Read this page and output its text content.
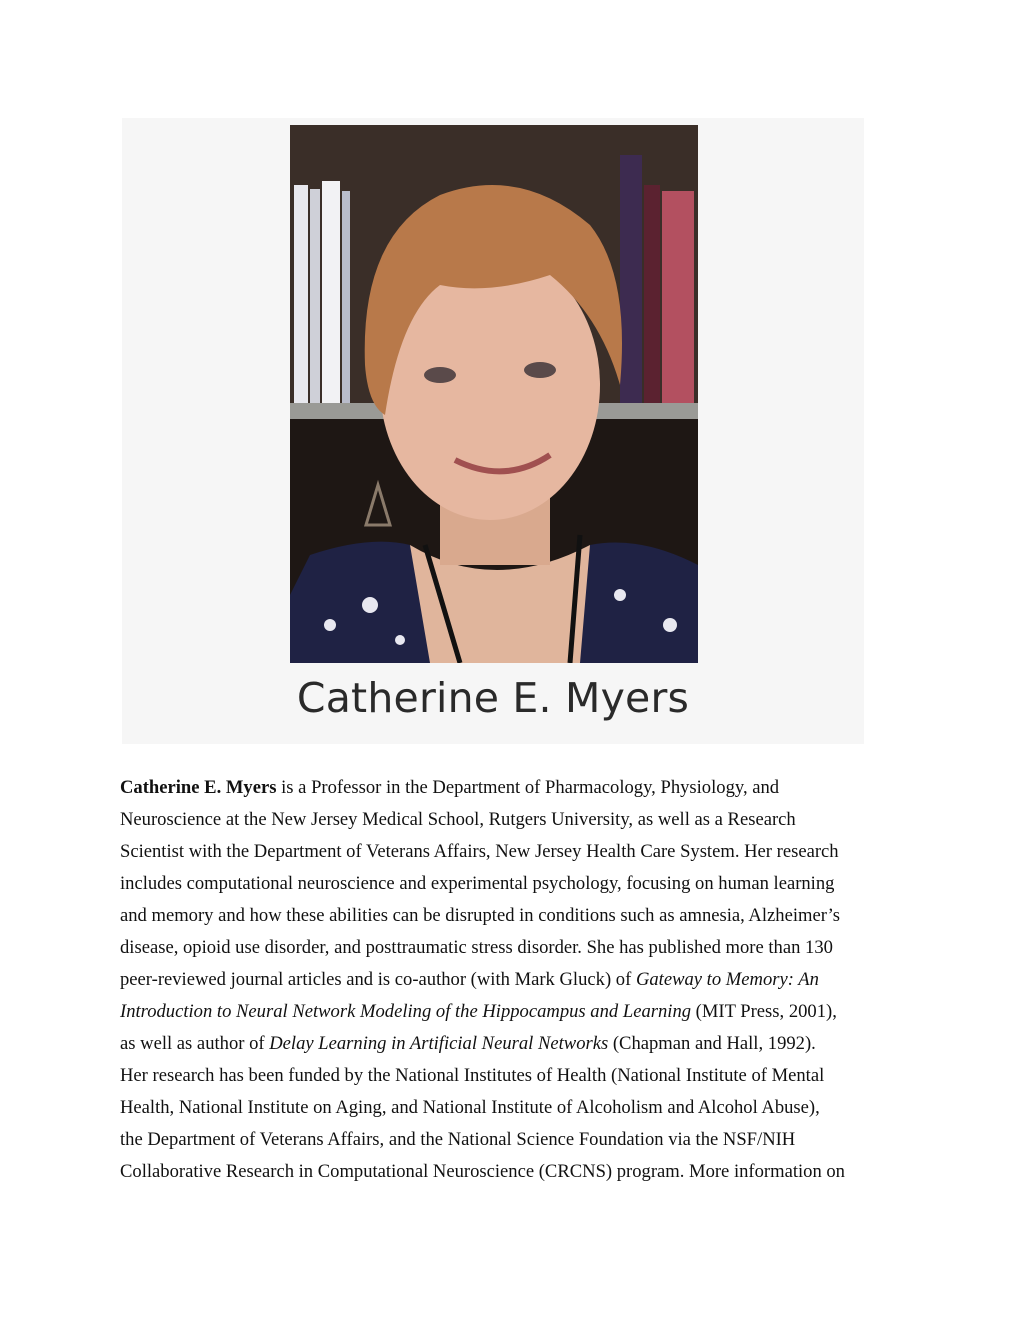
Catherine E. Myers

Catherine E. Myers is a Professor in the Department of Pharmacology, Physiology, and
Neuroscience at the New Jersey Medical School, Rutgers University, as well as a Research
Scientist with the Department of Veterans Affairs, New Jersey Health Care System. Her research
includes computational neuroscience and experimental psychology, focusing on human learning
and memory and how these abilities can be disrupted in conditions such as amnesia, Alzheimer’s
disease, opioid use disorder, and posttraumatic stress disorder. She has published more than 130
peer-reviewed journal articles and is co-author (with Mark Gluck) of Gateway to Memory: An
Introduction to Neural Network Modeling of the Hippocampus and Learning (MIT Press, 2001),
as well as author of Delay Learning in Artificial Neural Networks (Chapman and Hall, 1992).
Her research has been funded by the National Institutes of Health (National Institute of Mental
Health, National Institute on Aging, and National Institute of Alcoholism and Alcohol Abuse),
the Department of Veterans Affairs, and the National Science Foundation via the NSF/NIH
Collaborative Research in Computational Neuroscience (CRCNS) program. More information on
